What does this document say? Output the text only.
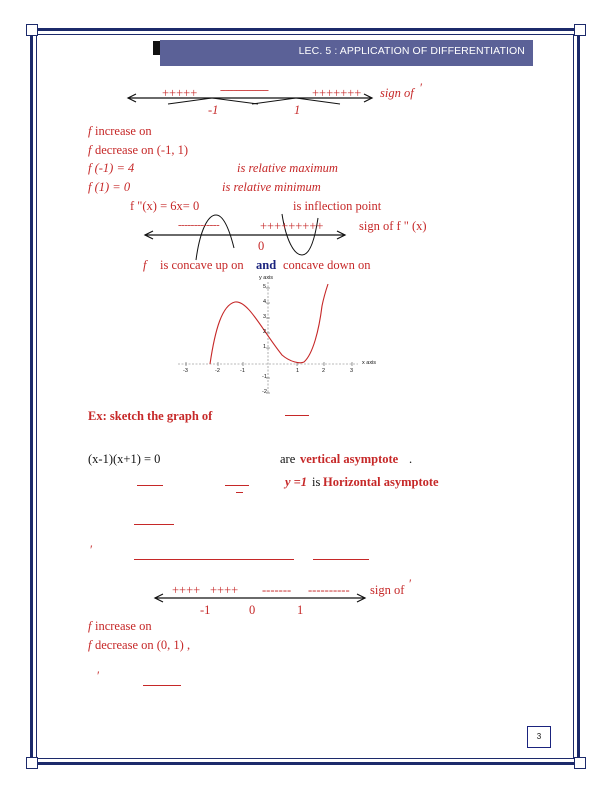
LEC. 5 : APPLICATION OF DIFFERENTIATION
+++++ ------------------	+++++++ sign of ′
-1	1
f increase on
f decrease on (-1, 1)
f (-1) = 4	is relative maximum
f (1) = 0	is relative minimum
f "(x) = 6x= 0	is inflection point
-------------	+++++++++	sign of f " (x)
0
f is concave up on and concave down on
y axis
x axis
5
4
3
2
1
-1
-2
-3	-2	-1	1	2	3
Ex: sketch the graph of
(x-1)(x+1) = 0	are vertical asymptote .
y =1 is Horizontal asymptote
′
++++ ++++ ------- ---------- sign of ′
-1	0	1
f increase on
f decrease on (0, 1) ,
′
3
